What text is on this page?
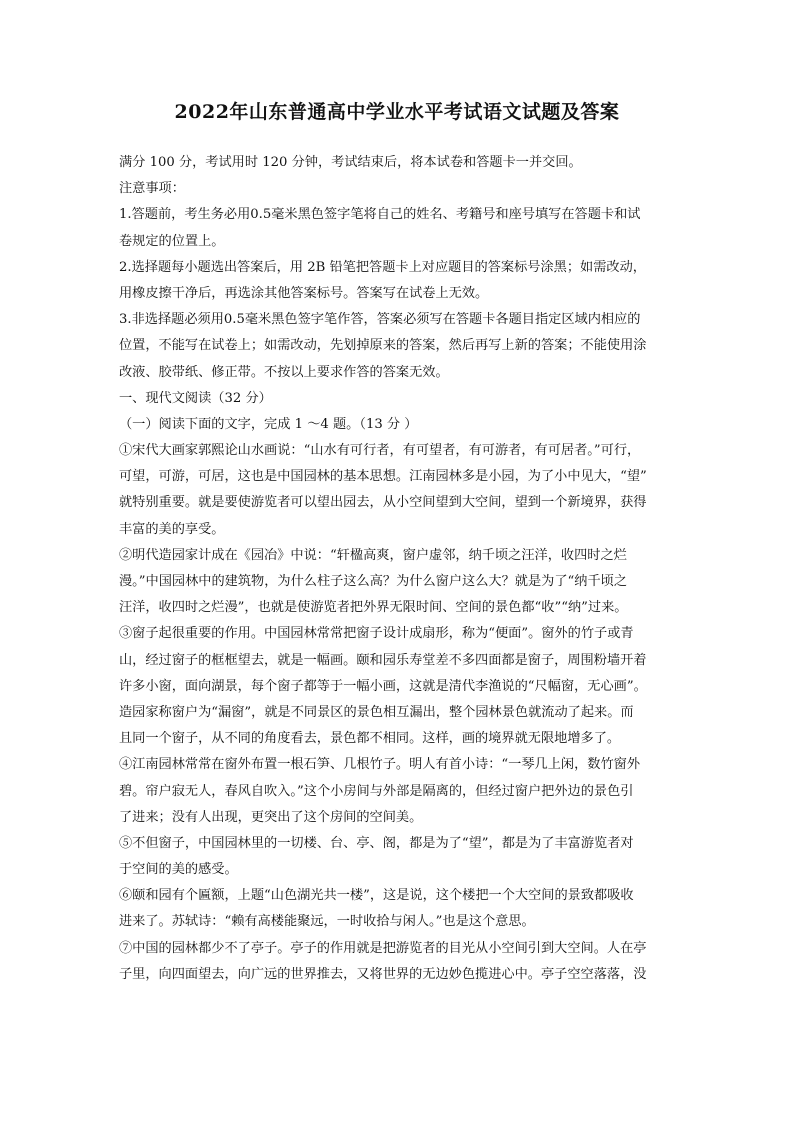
2022年山东普通高中学业水平考试语文试题及答案
满分 100 分，考试用时 120 分钟，考试结束后，将本试卷和答题卡一并交回。
注意事项：
1.答题前，考生务必用0.5毫米黑色签字笔将自己的姓名、考籍号和座号填写在答题卡和试
卷规定的位置上。
2.选择题每小题选出答案后，用 2B 铅笔把答题卡上对应题目的答案标号涂黑；如需改动，
用橡皮擦干净后，再选涂其他答案标号。答案写在试卷上无效。
3.非选择题必须用0.5毫米黑色签字笔作答，答案必须写在答题卡各题目指定区域内相应的
位置，不能写在试卷上；如需改动，先划掉原来的答案，然后再写上新的答案；不能使用涂
改液、胶带纸、修正带。不按以上要求作答的答案无效。
一、现代文阅读（32 分）
（一）阅读下面的文字，完成 1 ～4 题。（13 分 ）
①宋代大画家郭熙论山水画说：“山水有可行者，有可望者，有可游者，有可居者。”可行，
可望，可游，可居，这也是中国园林的基本思想。江南园林多是小园，为了小中见大，“望”
就特别重要。就是要使游览者可以望出园去，从小空间望到大空间，望到一个新境界，获得
丰富的美的享受。
②明代造园家计成在《园冶》中说：“轩楹高爽，窗户虚邻，纳千顷之汪洋，收四时之烂
漫。”中国园林中的建筑物，为什么柱子这么高？为什么窗户这么大？就是为了“纳千顷之
汪洋，收四时之烂漫”，也就是使游览者把外界无限时间、空间的景色都“收”“纳”过来。
③窗子起很重要的作用。中国园林常常把窗子设计成扇形，称为“便面”。窗外的竹子或青
山，经过窗子的框框望去，就是一幅画。颐和园乐寿堂差不多四面都是窗子，周围粉墙开着
许多小窗，面向湖景，每个窗子都等于一幅小画，这就是清代李渔说的“尺幅窗，无心画”。
造园家称窗户为“漏窗”，就是不同景区的景色相互漏出，整个园林景色就流动了起来。而
且同一个窗子，从不同的角度看去，景色都不相同。这样，画的境界就无限地增多了。
④江南园林常常在窗外布置一根石笋、几根竹子。明人有首小诗：“一琴几上闲，数竹窗外
碧。帘户寂无人，春风自吹入。”这个小房间与外部是隔离的，但经过窗户把外边的景色引
了进来；没有人出现，更突出了这个房间的空间美。
⑤不但窗子，中国园林里的一切楼、台、亭、阁，都是为了“望”，都是为了丰富游览者对
于空间的美的感受。
⑥颐和园有个匾额，上题“山色湖光共一楼”，这是说，这个楼把一个大空间的景致都吸收
进来了。苏轼诗：“赖有高楼能聚远，一时收拾与闲人。”也是这个意思。
⑦中国的园林都少不了亭子。亭子的作用就是把游览者的目光从小空间引到大空间。人在亭
子里，向四面望去，向广远的世界推去，又将世界的无边妙色揽进心中。亭子空空落落，没
